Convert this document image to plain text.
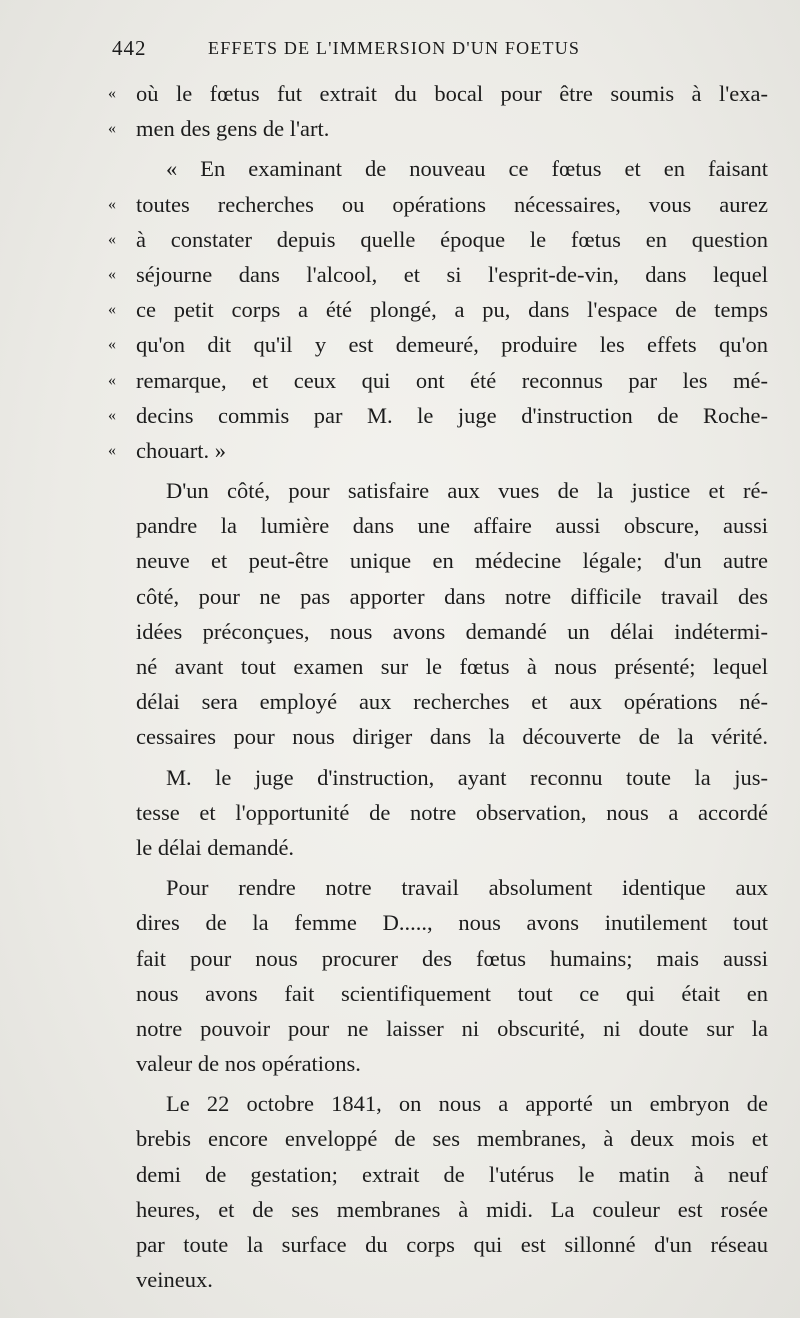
442	EFFETS DE L'IMMERSION D'UN FOETUS
« où le fœtus fut extrait du bocal pour être soumis à l'exa-
« men des gens de l'art.
« En examinant de nouveau ce fœtus et en faisant
« toutes recherches ou opérations nécessaires, vous aurez
« à constater depuis quelle époque le fœtus en question
« séjourne dans l'alcool, et si l'esprit-de-vin, dans lequel
« ce petit corps a été plongé, a pu, dans l'espace de temps
« qu'on dit qu'il y est demeuré, produire les effets qu'on
« remarque, et ceux qui ont été reconnus par les mé-
« decins commis par M. le juge d'instruction de Roche-
« chouart. »
D'un côté, pour satisfaire aux vues de la justice et ré-
pandre la lumière dans une affaire aussi obscure, aussi
neuve et peut-être unique en médecine légale; d'un autre
côté, pour ne pas apporter dans notre difficile travail des
idées préconçues, nous avons demandé un délai indétermi-
né avant tout examen sur le fœtus à nous présenté; lequel
délai sera employé aux recherches et aux opérations né-
cessaires pour nous diriger dans la découverte de la vérité.
M. le juge d'instruction, ayant reconnu toute la jus-
tesse et l'opportunité de notre observation, nous a accordé
le délai demandé.
Pour rendre notre travail absolument identique aux
dires de la femme D....., nous avons inutilement tout
fait pour nous procurer des fœtus humains; mais aussi
nous avons fait scientifiquement tout ce qui était en
notre pouvoir pour ne laisser ni obscurité, ni doute sur la
valeur de nos opérations.
Le 22 octobre 1841, on nous a apporté un embryon de
brebis encore enveloppé de ses membranes, à deux mois et
demi de gestation; extrait de l'utérus le matin à neuf
heures, et de ses membranes à midi. La couleur est rosée
par toute la surface du corps qui est sillonné d'un réseau
veineux.
